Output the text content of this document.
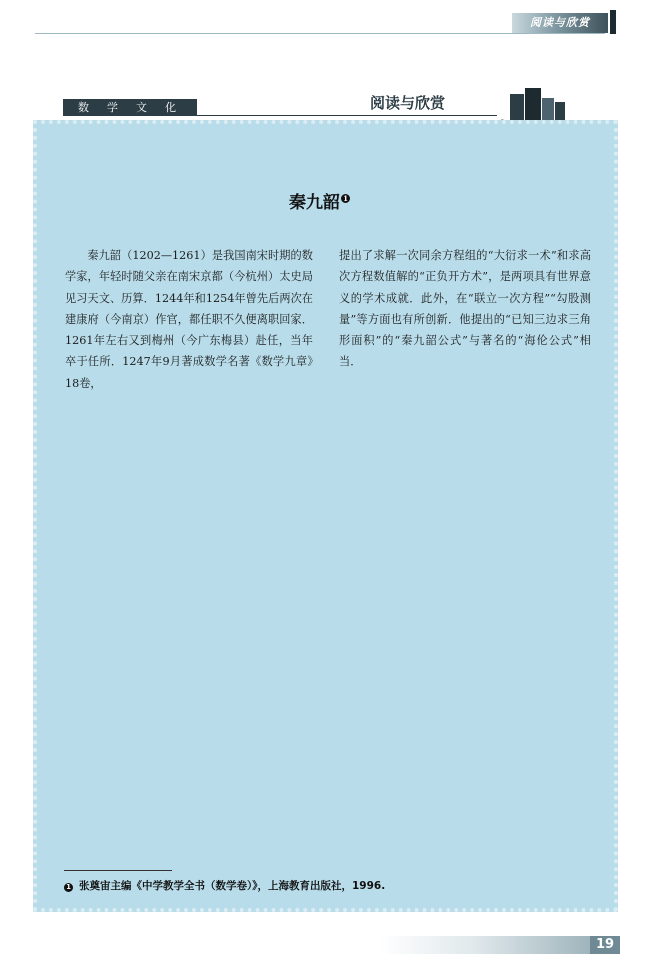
阅读与欣赏
数学文化	阅读与欣赏
秦九韶 1
秦九韶（1202—1261）是我国南宋时期的数学家，年轻时随父亲在南宋京都（今杭州）太史局见习天文、历算．1244年和1254年曾先后两次在建康府（今南京）作官，都任职不久便离职回家．1261年左右又到梅州（今广东梅县）赴任，当年卒于任所．1247年9月著成数学名著《数学九章》18卷，
提出了求解一次同余方程组的“大衍求一术”和求高次方程数值解的“正负开方术”，是两项具有世界意义的学术成就．此外，在“联立一次方程”“勾股测量”等方面也有所创新．他提出的“已知三边求三角形面积”的“秦九韶公式”与著名的“海伦公式”相当．
1 张奠宙主编《中学教学全书（数学卷）》，上海教育出版社，1996.
19
